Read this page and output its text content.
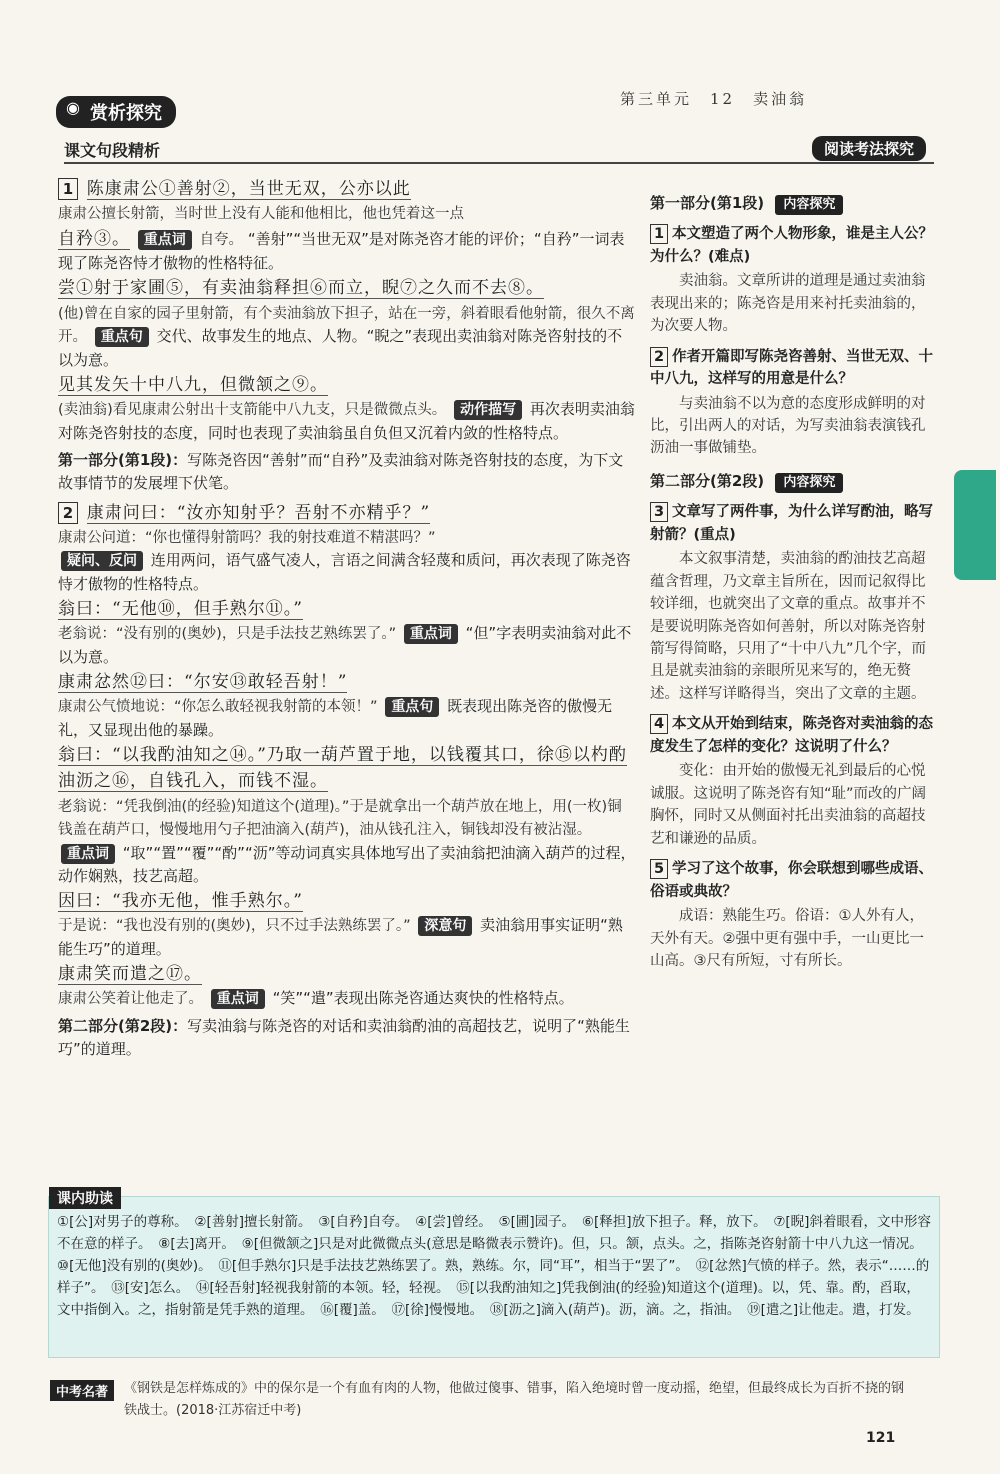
第三单元　12　卖油翁
◉ 赏析探究
课文句段精析	阅读考法探究
1 陈康肃公①善射②，当世无双，公亦以此
康肃公擅长射箭，当时世上没有人能和他相比，他也凭着这一点
自矜③。 重点词 自夸。 “善射”“当世无双”是对陈尧咨才能的评价；“自矜”一词表现了陈尧咨恃才傲物的性格特征。
尝①射于家圃⑤，有卖油翁释担⑥而立，睨⑦之久而不去⑧。
(他)曾在自家的园子里射箭，有个卖油翁放下担子，站在一旁，斜着眼看他射箭，很久不离开。 重点句 交代、故事发生的地点、人物。“睨之”表现出卖油翁对陈尧咨射技的不以为意。
见其发矢十中八九，但微颔之⑨。
(卖油翁)看见康肃公射出十支箭能中八九支，只是微微点头。 动作描写 再次表明卖油翁对陈尧咨射技的态度，同时也表现了卖油翁虽自负但又沉着内敛的性格特点。
第一部分(第1段)：写陈尧咨因“善射”而“自矜”及卖油翁对陈尧咨射技的态度，为下文故事情节的发展埋下伏笔。
2 康肃问曰：“汝亦知射乎？吾射不亦精乎？”
康肃公问道：“你也懂得射箭吗？我的射技难道不精湛吗？”
疑问、反问 连用两问，语气盛气凌人，言语之间满含轻蔑和质问，再次表现了陈尧咨恃才傲物的性格特点。
翁曰：“无他⑩，但手熟尔⑪。”
老翁说：“没有别的(奥妙)，只是手法技艺熟练罢了。” 重点词 “但”字表明卖油翁对此不以为意。
康肃忿然⑫曰：“尔安⑬敢轻吾射！”
康肃公气愤地说：“你怎么敢轻视我射箭的本领！” 重点句 既表现出陈尧咨的傲慢无礼，又显现出他的暴躁。
翁曰：“以我酌油知之⑭。”乃取一葫芦置于地，以钱覆其口，徐⑮以杓酌油沥之⑯，自钱孔入，而钱不湿。
老翁说：“凭我倒油(的经验)知道这个(道理)。”于是就拿出一个葫芦放在地上，用(一枚)铜钱盖在葫芦口，慢慢地用勺子把油滴入(葫芦)，油从钱孔注入，铜钱却没有被沾湿。 重点词 “取”“置”“覆”“酌”“沥”等动词真实具体地写出了卖油翁把油滴入葫芦的过程，动作娴熟，技艺高超。
因曰：“我亦无他，惟手熟尔。”
于是说：“我也没有别的(奥妙)，只不过手法熟练罢了。” 深意句 卖油翁用事实证明“熟能生巧”的道理。
康肃笑而遣之⑰。
康肃公笑着让他走了。 重点词 “笑”“遣”表现出陈尧咨通达爽快的性格特点。
第二部分(第2段)：写卖油翁与陈尧咨的对话和卖油翁酌油的高超技艺，说明了“熟能生巧”的道理。
第一部分(第1段) 内容探究
1 本文塑造了两个人物形象，谁是主人公？为什么？(难点)
卖油翁。文章所讲的道理是通过卖油翁表现出来的；陈尧咨是用来衬托卖油翁的，为次要人物。
2 作者开篇即写陈尧咨善射、当世无双、十中八九，这样写的用意是什么？
与卖油翁不以为意的态度形成鲜明的对比，引出两人的对话，为写卖油翁表演钱孔沥油一事做铺垫。
第二部分(第2段) 内容探究
3 文章写了两件事，为什么详写酌油，略写射箭？(重点)
本文叙事清楚，卖油翁的酌油技艺高超蕴含哲理，乃文章主旨所在，因而记叙得比较详细，也就突出了文章的重点。故事并不是要说明陈尧咨如何善射，所以对陈尧咨射箭写得简略，只用了“十中八九”几个字，而且是就卖油翁的亲眼所见来写的，绝无赘述。这样写详略得当，突出了文章的主题。
4 本文从开始到结束，陈尧咨对卖油翁的态度发生了怎样的变化？这说明了什么？
变化：由开始的傲慢无礼到最后的心悦诚服。这说明了陈尧咨有知“耻”而改的广阔胸怀，同时又从侧面衬托出卖油翁的高超技艺和谦逊的品质。
5 学习了这个故事，你会联想到哪些成语、俗语或典故？
成语：熟能生巧。俗语：①人外有人，天外有天。②强中更有强中手，一山更比一山高。③尺有所短，寸有所长。
课内助读
①[公]对男子的尊称。　②[善射]擅长射箭。　③[自矜]自夸。　④[尝]曾经。　⑤[圃]园子。　⑥[释担]放下担子。释，放下。　⑦[睨]斜着眼看，文中形容不在意的样子。　⑧[去]离开。　⑨[但微颔之]只是对此微微点头(意思是略微表示赞许)。但，只。颔，点头。之，指陈尧咨射箭十中八九这一情况。　⑩[无他]没有别的(奥妙)。　⑪[但手熟尔]只是手法技艺熟练罢了。熟，熟练。尔，同“耳”，相当于“罢了”。　⑫[忿然]气愤的样子。然，表示“……的样子”。　⑬[安]怎么。　⑭[轻吾射]轻视我射箭的本领。轻，轻视。　⑮[以我酌油知之]凭我倒油(的经验)知道这个(道理)。以，凭、靠。酌，舀取，文中指倒入。之，指射箭是凭手熟的道理。　⑯[覆]盖。　⑰[徐]慢慢地。　⑱[沥之]滴入(葫芦)。沥，滴。之，指油。　⑲[遣之]让他走。遣，打发。
中考名著	《钢铁是怎样炼成的》中的保尔是一个有血有肉的人物，他做过傻事、错事，陷入绝境时曾一度动摇，绝望，但最终成长为百折不挠的钢铁战士。(2018·江苏宿迁中考)
121
